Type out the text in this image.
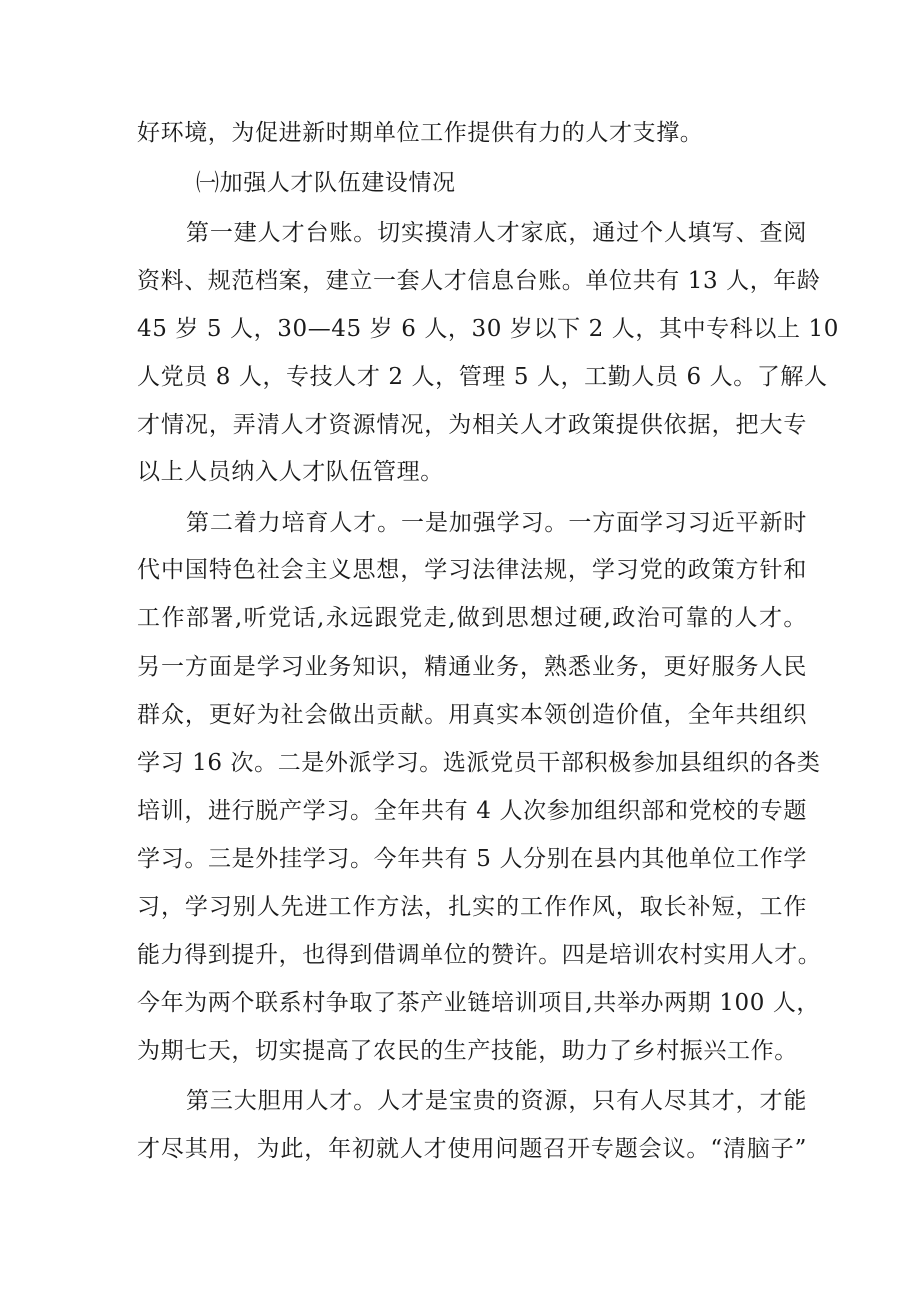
好环境，为促进新时期单位工作提供有力的人才支撑。
㈠加强人才队伍建设情况
第一建人才台账。切实摸清人才家底，通过个人填写、查阅
资料、规范档案，建立一套人才信息台账。单位共有 13 人，年龄
45 岁 5 人，30—45 岁 6 人，30 岁以下 2 人，其中专科以上 10
人党员 8 人，专技人才 2 人，管理 5 人，工勤人员 6 人。了解人
才情况，弄清人才资源情况，为相关人才政策提供依据，把大专
以上人员纳入人才队伍管理。
第二着力培育人才。一是加强学习。一方面学习习近平新时
代中国特色社会主义思想，学习法律法规，学习党的政策方针和
工作部署,听党话,永远跟党走,做到思想过硬,政治可靠的人才。
另一方面是学习业务知识，精通业务，熟悉业务，更好服务人民
群众，更好为社会做出贡献。用真实本领创造价值，全年共组织
学习 16 次。二是外派学习。选派党员干部积极参加县组织的各类
培训，进行脱产学习。全年共有 4 人次参加组织部和党校的专题
学习。三是外挂学习。今年共有 5 人分别在县内其他单位工作学
习，学习别人先进工作方法，扎实的工作作风，取长补短，工作
能力得到提升，也得到借调单位的赞许。四是培训农村实用人才。
今年为两个联系村争取了茶产业链培训项目,共举办两期 100 人，
为期七天，切实提高了农民的生产技能，助力了乡村振兴工作。
第三大胆用人才。人才是宝贵的资源，只有人尽其才，才能
才尽其用，为此，年初就人才使用问题召开专题会议。“清脑子”
